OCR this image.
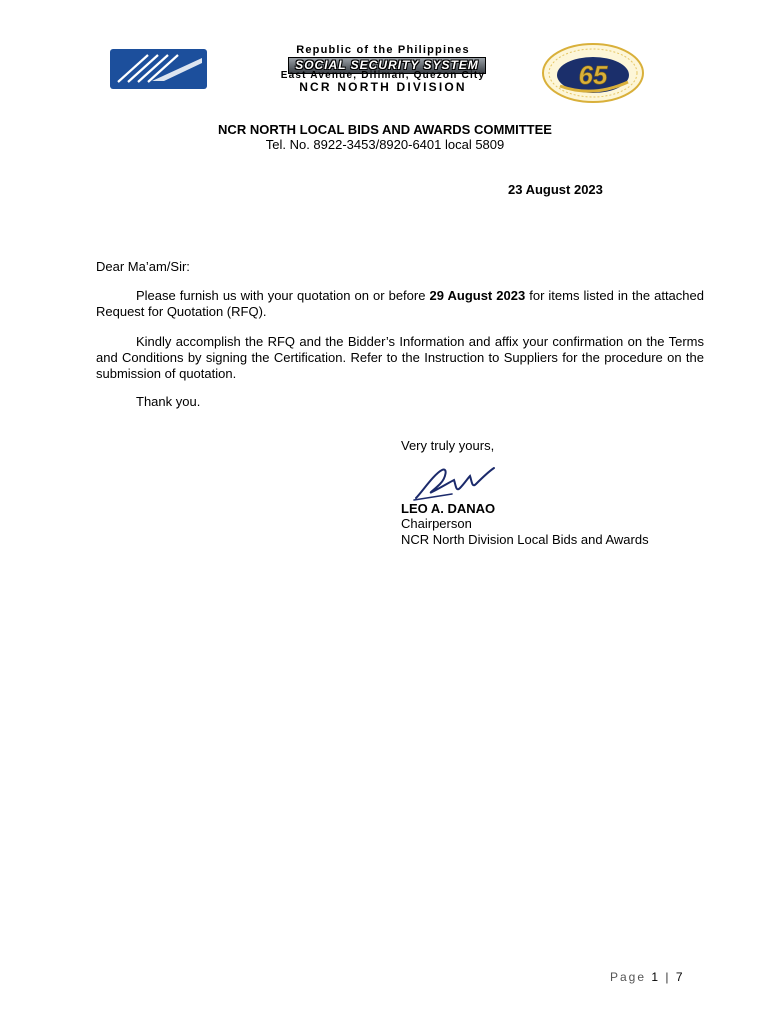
Republic of the Philippines
SOCIAL SECURITY SYSTEM
East Avenue, Diliman, Quezon City
NCR NORTH DIVISION	65
NCR NORTH LOCAL BIDS AND AWARDS COMMITTEE
Tel. No. 8922-3453/8920-6401 local 5809
23 August 2023
Dear Ma’am/Sir:

Please furnish us with your quotation on or before 29 August 2023 for items listed in the attached Request for Quotation (RFQ).

Kindly accomplish the RFQ and the Bidder’s Information and affix your confirmation on the Terms and Conditions by signing the Certification. Refer to the Instruction to Suppliers for the procedure on the submission of quotation.

Thank you.
Very truly yours,
LEO A. DANAO
Chairperson
NCR North Division Local Bids and Awards
Page 1 | 7
